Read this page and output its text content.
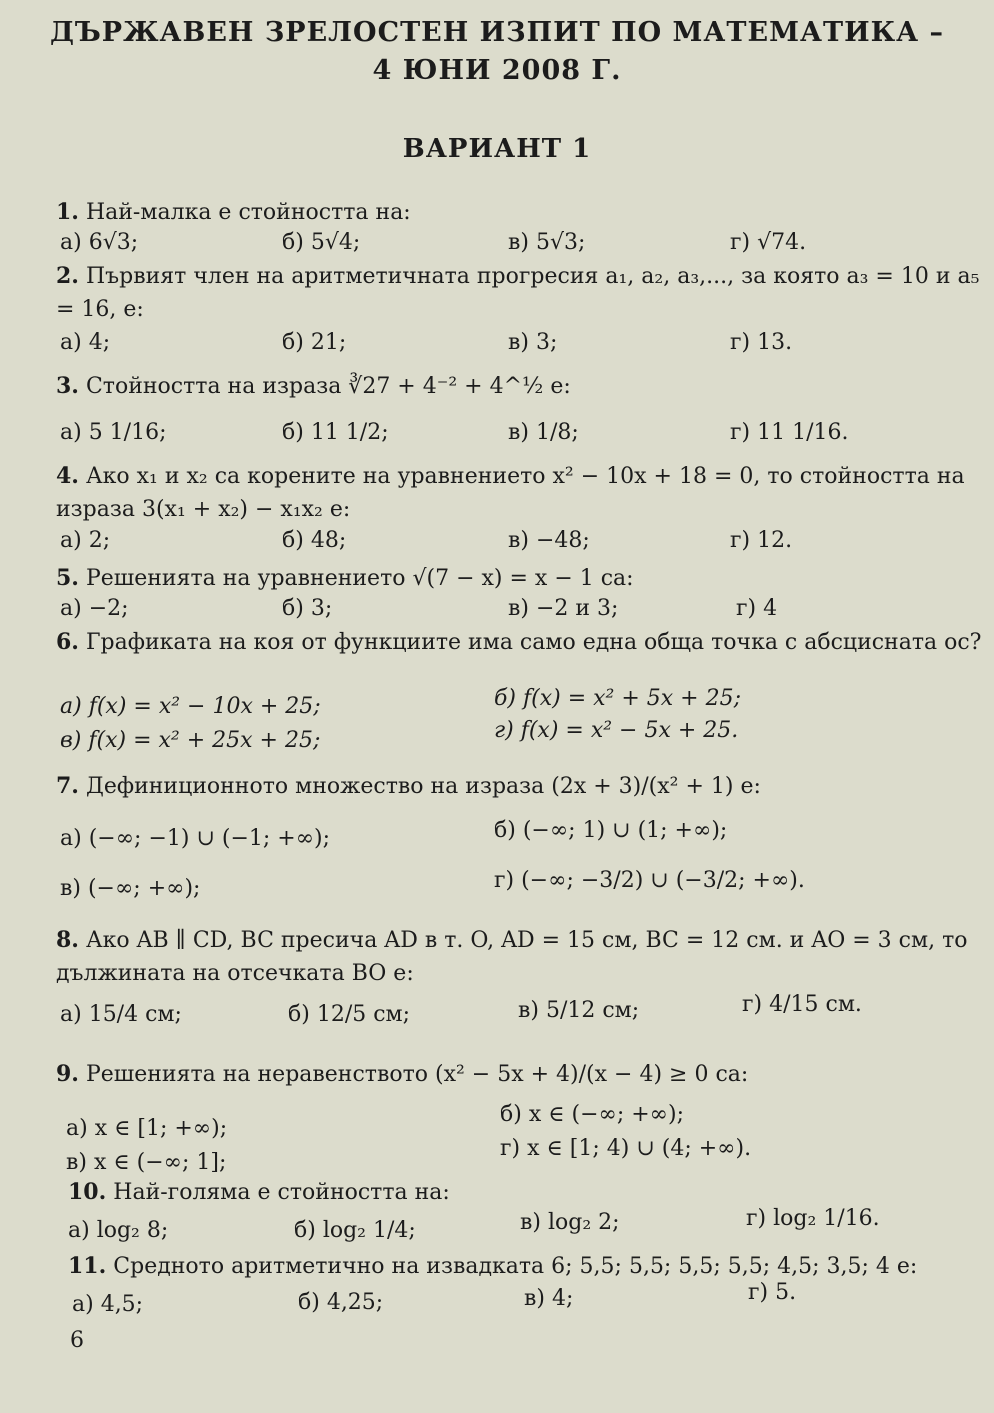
ДЪРЖАВЕН ЗРЕЛОСТЕН ИЗПИТ ПО МАТЕМАТИКА –
4 ЮНИ 2008 Г.
ВАРИАНТ 1
1. Най-малка е стойността на:
а) 6√3;	б) 5√4;	в) 5√3;	г) √74.
2. Първият член на аритметичната прогресия a₁, a₂, a₃,..., за която a₃ = 10 и a₅ = 16, е:
а) 4;	б) 21;	в) 3;	г) 13.
3. Стойността на израза ∛27 + 4⁻² + 4^½ е:
а) 5 1/16;	б) 11 1/2;	в) 1/8;	г) 11 1/16.
4. Ако x₁ и x₂ са корените на уравнението x² − 10x + 18 = 0, то стойността на израза 3(x₁ + x₂) − x₁x₂ е:
а) 2;	б) 48;	в) −48;	г) 12.
5. Решенията на уравнението √(7 − x) = x − 1 са:
а) −2;	б) 3;	в) −2 и 3;	г) 4
6. Графиката на коя от функциите има само една обща точка с абсцисната ос?
а) f(x) = x² − 10x + 25;	б) f(x) = x² + 5x + 25;
в) f(x) = x² + 25x + 25;	г) f(x) = x² − 5x + 25.
7. Дефиниционното множество на израза (2x + 3)/(x² + 1) е:
а) (−∞; −1) ∪ (−1; +∞);	б) (−∞; 1) ∪ (1; +∞);
в) (−∞; +∞);	г) (−∞; −3/2) ∪ (−3/2; +∞).
8. Ако AB ∥ CD, BC пресича AD в т. O, AD = 15 см, BC = 12 см. и AO = 3 см, то дължината на отсечката BO е:
а) 15/4 см;	б) 12/5 см;	в) 5/12 см;	г) 4/15 см.
9. Решенията на неравенството (x² − 5x + 4)/(x − 4) ≥ 0 са:
а) x ∈ [1; +∞);
б) x ∈ (−∞; +∞);
в) x ∈ (−∞; 1];
г) x ∈ [1; 4) ∪ (4; +∞).
10. Най-голяма е стойността на:
а) log₂ 8;	б) log₂ 1/4;	в) log₂ 2;	г) log₂ 1/16.
11. Средното аритметично на извадката 6; 5,5; 5,5; 5,5; 5,5; 4,5; 3,5; 4 е:
а) 4,5;	б) 4,25;	в) 4;	г) 5.
6
